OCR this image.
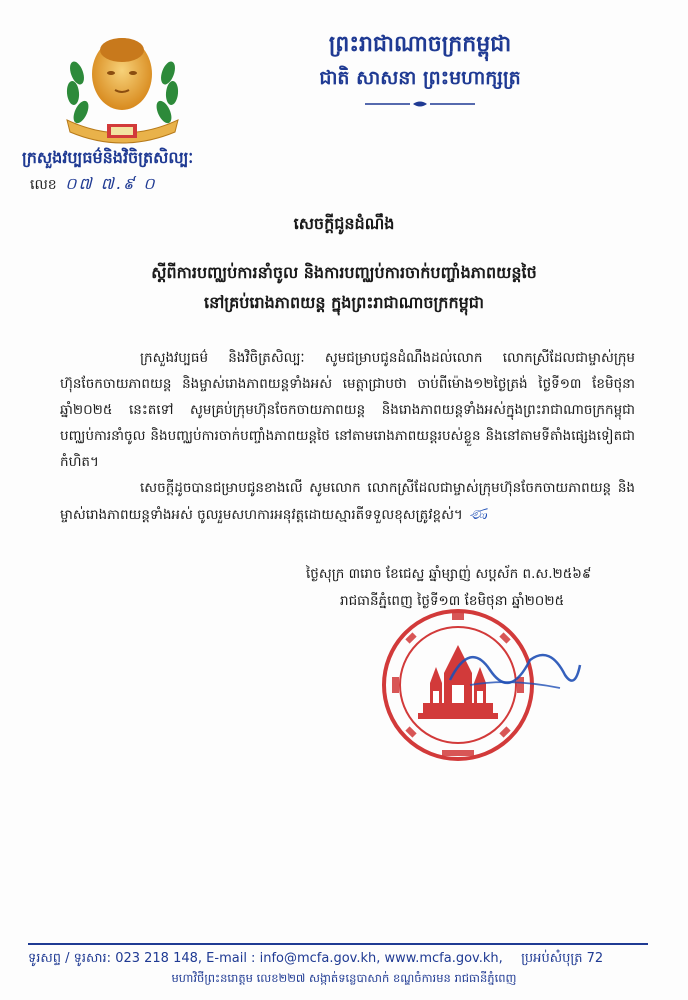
ក្រសួងវប្បធម៌និងវិចិត្រសិល្បៈ
លេខ ០៧ ៧.៩ ០
ព្រះរាជាណាចក្រកម្ពុជា
ជាតិ សាសនា ព្រះមហាក្សត្រ
សេចក្តីជូនដំណឹង
ស្តីពីការបញ្ឈប់ការនាំចូល និងការបញ្ឈប់ការចាក់បញ្ចាំងភាពយន្តថៃ
នៅគ្រប់រោងភាពយន្ត ក្នុងព្រះរាជាណាចក្រកម្ពុជា
ក្រសួងវប្បធម៌ និងវិចិត្រសិល្បៈ សូមជម្រាបជូនដំណឹងដល់លោក លោកស្រីដែលជាម្ចាស់ក្រុមហ៊ុនចែកចាយភាពយន្ត និងម្ចាស់រោងភាពយន្តទាំងអស់ មេត្តាជ្រាបថា ចាប់ពីម៉ោង១២ថ្ងៃត្រង់ ថ្ងៃទី១៣ ខែមិថុនា ឆ្នាំ២០២៥ នេះតទៅ សូមគ្រប់ក្រុមហ៊ុនចែកចាយភាពយន្ត និងរោងភាពយន្តទាំងអស់ក្នុងព្រះរាជាណាចក្រកម្ពុជា បញ្ឈប់ការនាំចូល និងបញ្ឈប់ការចាក់បញ្ចាំងភាពយន្តថៃ នៅតាមរោងភាពយន្តរបស់ខ្លួន និងនៅតាមទីតាំងផ្សេងទៀតជាកំហិត។
សេចក្តីដូចបានជម្រាបជូនខាងលើ សូមលោក លោកស្រីដែលជាម្ចាស់ក្រុមហ៊ុនចែកចាយភាពយន្ត និងម្ចាស់រោងភាពយន្តទាំងអស់ ចូលរួមសហការអនុវត្តដោយស្មារតីទទួលខុសត្រូវខ្ពស់។ ණ
ថ្ងៃសុក្រ ៣រោច ខែជេស្ឋ ឆ្នាំម្សាញ់ សប្តស័ក ព.ស.២៥៦៩
រាជធានីភ្នំពេញ ថ្ងៃទី១៣ ខែមិថុនា ឆ្នាំ២០២៥
ទូរសព្ទ / ទូរសារ: 023 218 148, E-mail : info@mcfa.gov.kh, www.mcfa.gov.kh, ប្រអប់សំបុត្រ 72
មហាវិថីព្រះនរោត្តម លេខ២២៧ សង្កាត់ទន្លេបាសាក់ ខណ្ឌចំការមន រាជធានីភ្នំពេញ
